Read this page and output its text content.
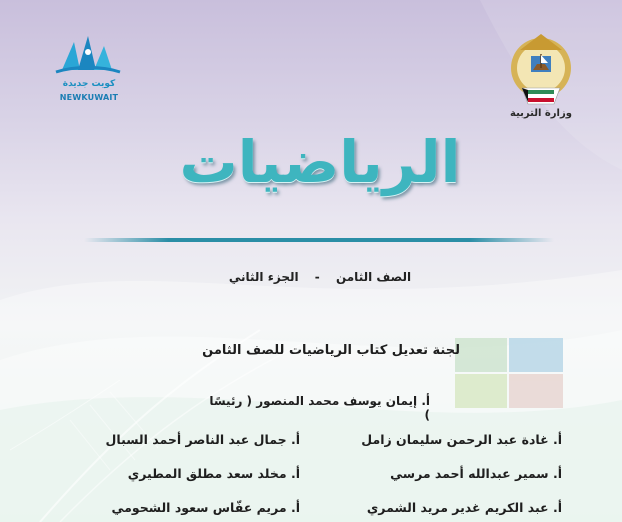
وزارة التربية
كويت جديدة
NEWKUWAIT
الرياضيات
الصف الثامن - الجزء الثاني
لجنة تعديل كتاب الرياضيات للصف الثامن
أ. إيمان يوسف محمد المنصور ( رئيسًا )
أ. غادة عبد الرحمن سليمان زامل
أ. سمير عبدالله أحمد مرسي
أ. عبد الكريم غدير مريد الشمري
أ. جمال عبد الناصر أحمد السبال
أ. مخلد سعد مطلق المطيري
أ. مريم عفّاس سعود الشحومي
